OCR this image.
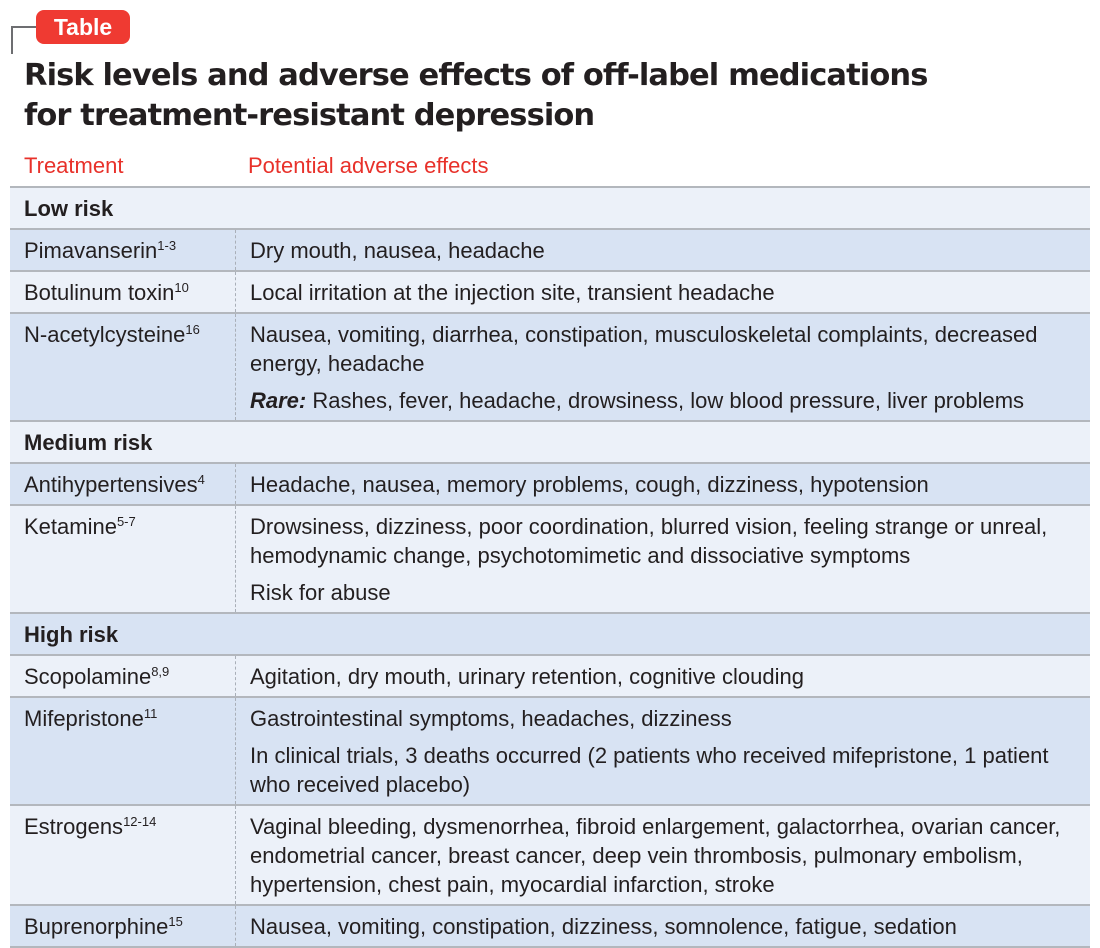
Table
Risk levels and adverse effects of off-label medications
for treatment-resistant depression
Treatment	Potential adverse effects
Low risk	
Pimavanserin$^{1-3}$	Dry mouth, nausea, headache

Botulinum toxin$^{10}$	Local irritation at the injection site, transient headache

N-acetylcysteine$^{16}$	Nausea, vomiting, diarrhea, constipation, musculoskeletal complaints, decreased energy, headache
Rare: Rashes, fever, headache, drowsiness, low blood pressure, liver problems

Medium risk	
Antihypertensives$^4$	Headache, nausea, memory problems, cough, dizziness, hypotension

Ketamine$^{5-7}$	Drowsiness, dizziness, poor coordination, blurred vision, feeling strange or unreal, hemodynamic change, psychotomimetic and dissociative symptoms
Risk for abuse

High risk	
Scopolamine$^{8,9}$	Agitation, dry mouth, urinary retention, cognitive clouding

Mifepristone$^{11}$	Gastrointestinal symptoms, headaches, dizziness
In clinical trials, 3 deaths occurred (2 patients who received mifepristone, 1 patient who received placebo)

Estrogens$^{12-14}$	Vaginal bleeding, dysmenorrhea, fibroid enlargement, galactorrhea, ovarian cancer, endometrial cancer, breast cancer, deep vein thrombosis, pulmonary embolism, hypertension, chest pain, myocardial infarction, stroke

Buprenorphine$^{15}$	Nausea, vomiting, constipation, dizziness, somnolence, fatigue, sedation
